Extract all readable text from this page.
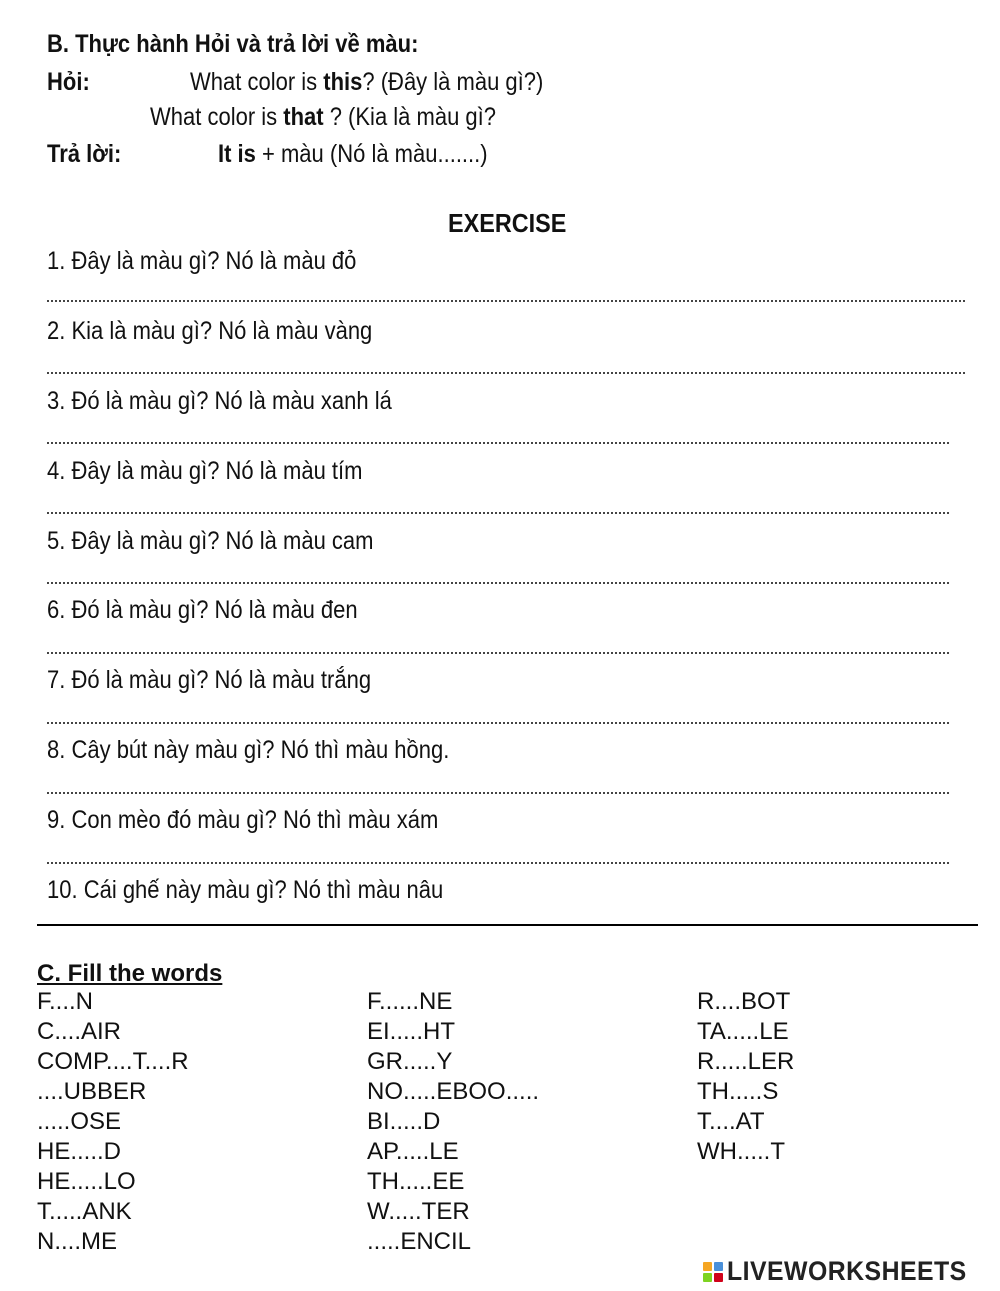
B. Thực hành Hỏi và trả lời về màu:
Hỏi:	What color is this? (Đây là màu gì?)
What color is that ? (Kia là màu gì?
Trả lời:	It is + màu (Nó là màu.......)
EXERCISE
1. Đây là màu gì? Nó là màu đỏ
2. Kia là màu gì? Nó là màu vàng
3. Đó là màu gì? Nó là màu xanh lá
4. Đây là màu gì? Nó là màu tím
5. Đây là màu gì? Nó là màu cam
6. Đó là màu gì? Nó là màu đen
7. Đó là màu gì? Nó là màu trắng
8. Cây bút này màu gì? Nó thì màu hồng.
9. Con mèo đó màu gì? Nó thì màu xám
10. Cái ghế này màu gì? Nó thì màu nâu
C. Fill the words
F....N
C....AIR
COMP....T....R
....UBBER
.....OSE
HE.....D
HE.....LO
T.....ANK
N....ME
F......NE
EI.....HT
GR.....Y
NO.....EBOO.....
BI.....D
AP.....LE
TH.....EE
W.....TER
.....ENCIL
R....BOT
TA.....LE
R.....LER
TH.....S
T....AT
WH.....T
LIVEWORKSHEETS
